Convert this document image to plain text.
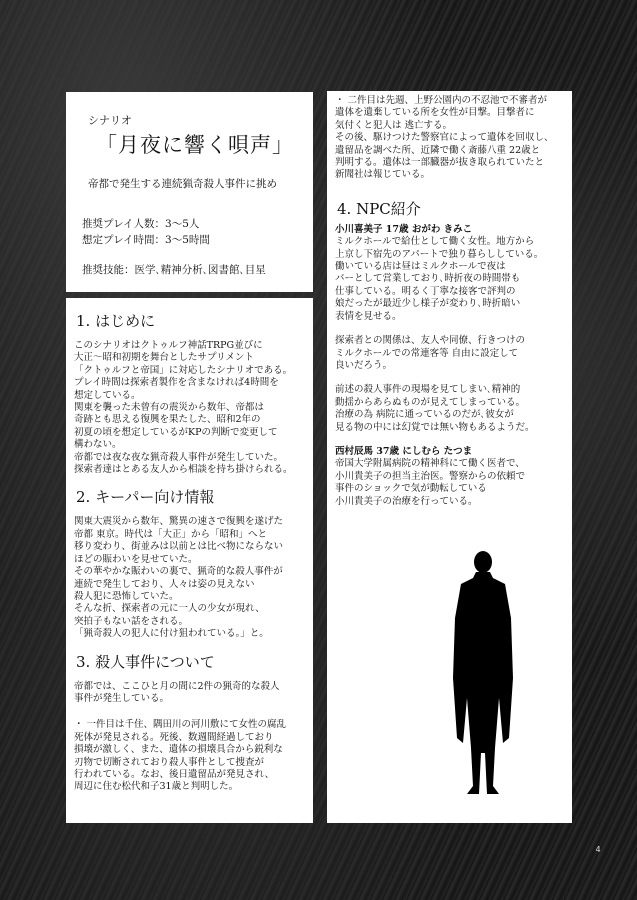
シナリオ
「月夜に響く唄声」
帝都で発生する連続猟奇殺人事件に挑め
推奨プレイ人数：3～5人
想定プレイ時間：3～5時間
推奨技能：医学､精神分析､図書館､目星
1. はじめに

このシナリオはクトゥルフ神話TRPG並びに
大正～昭和初期を舞台としたサプリメント
「クトゥルフと帝国」に対応したシナリオである。
プレイ時間は探索者製作を含まなければ4時間を
想定している。
関東を襲った未曾有の震災から数年、帝都は
奇跡とも思える復興を果たした、昭和2年の
初夏の頃を想定しているがKPの判断で変更して
構わない。
帝都では夜な夜な猟奇殺人事件が発生していた。
探索者達はとある友人から相談を持ち掛けられる。

2. キーパー向け情報

関東大震災から数年、驚異の速さで復興を遂げた
帝都 東京。時代は「大正」から「昭和」へと
移り変わり、街並みは以前とは比べ物にならない
ほどの賑わいを見せていた。
その華やかな賑わいの裏で、猟奇的な殺人事件が
連続で発生しており、人々は姿の見えない
殺人犯に恐怖していた。
そんな折、探索者の元に一人の少女が現れ、
突拍子もない話をされる。
「猟奇殺人の犯人に付け狙われている。」と。

3. 殺人事件について

帝都では、ここひと月の間に2件の猟奇的な殺人
事件が発生している。

・ 一件目は千住、隅田川の河川敷にて女性の腐乱
死体が発見される。死後、数週間経過しており
損壊が激しく、また、遺体の損壊具合から鋭利な
刃物で切断されており殺人事件として捜査が
行われている。なお、後日遺留品が発見され、
周辺に住む松代和子31歳と判明した。

・ 二件目は先週、上野公園内の不忍池で不審者が
遺体を遺棄している所を女性が目撃。目撃者に
気付くと犯人は 逃亡する。
その後、駆けつけた警察官によって遺体を回収し、
遺留品を調べた所、近隣で働く斎藤八重 22歳と
判明する。遺体は一部臓器が抜き取られていたと
新聞社は報じている。

4. NPC紹介

小川喜美子 17歳 おがわ きみこ

ミルクホールで給仕として働く女性。地方から
上京し下宿先のアパートで独り暮らししている。
働いている店は昼はミルクホールで夜は
バーとして営業しており､時折夜の時間帯も
仕事している。明るく丁寧な接客で評判の
娘だったが最近少し様子が変わり､時折暗い
表情を見せる。

探索者との関係は、友人や同僚、行きつけの
ミルクホールでの常連客等 自由に設定して
良いだろう。

前述の殺人事件の現場を見てしまい､精神的
動揺からあらぬものが見えてしまっている。
治療の為 病院に通っているのだが､彼女が
見る物の中には幻覚では無い物もあるようだ。

西村辰馬 37歳 にしむら たつま

帝国大学附属病院の精神科にて働く医者で、
小川貴美子の担当主治医。警察からの依頼で
事件のショックで気が動転している
小川貴美子の治療を行っている。

4
